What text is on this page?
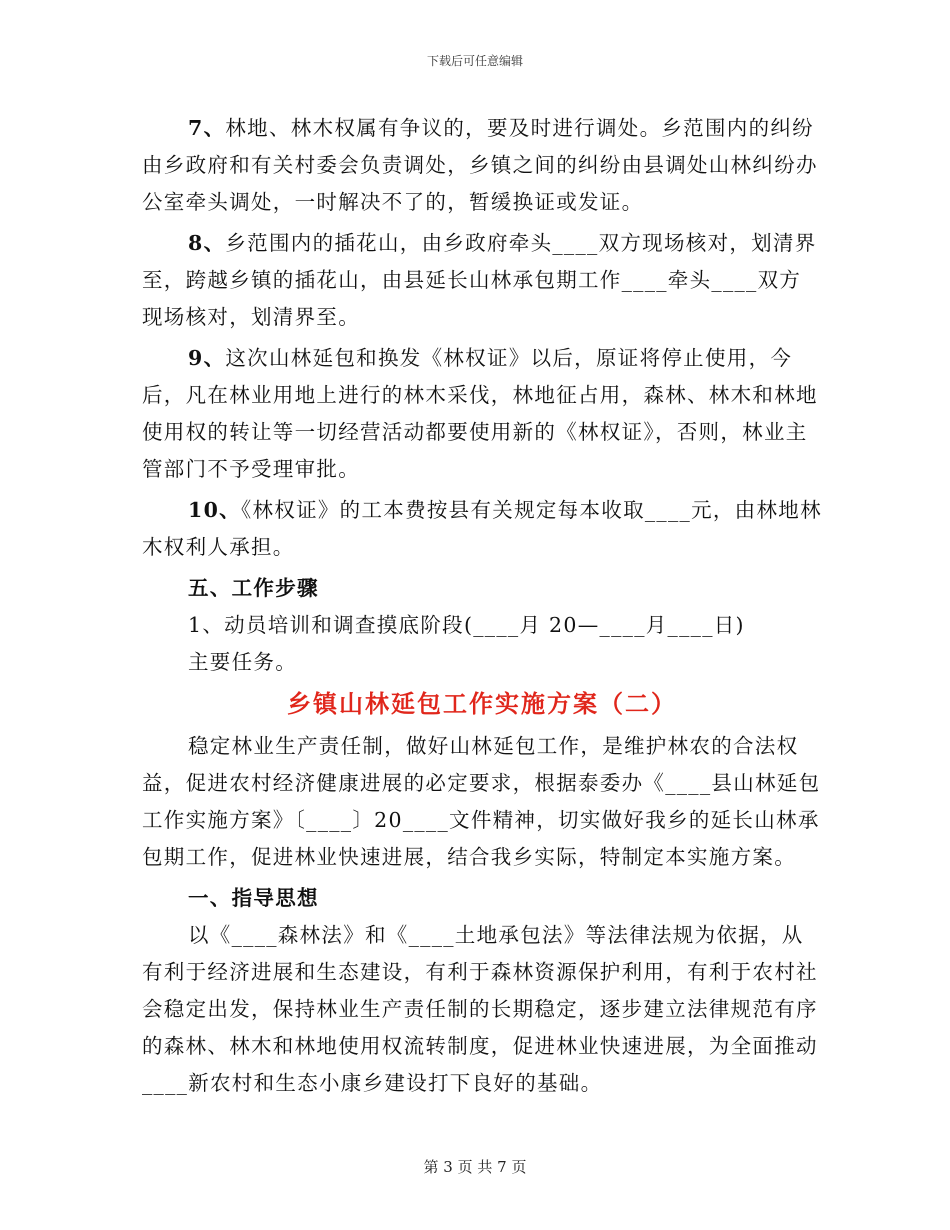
下载后可任意编辑

7、林地、林木权属有争议的，要及时进行调处。乡范围内的纠纷由乡政府和有关村委会负责调处，乡镇之间的纠纷由县调处山林纠纷办公室牵头调处，一时解决不了的，暂缓换证或发证。

8、乡范围内的插花山，由乡政府牵头____双方现场核对，划清界至，跨越乡镇的插花山，由县延长山林承包期工作____牵头____双方现场核对，划清界至。

9、这次山林延包和换发《林权证》以后，原证将停止使用，今后，凡在林业用地上进行的林木采伐，林地征占用，森林、林木和林地使用权的转让等一切经营活动都要使用新的《林权证》，否则，林业主管部门不予受理审批。

10、《林权证》的工本费按县有关规定每本收取____元，由林地林木权利人承担。

五、工作步骤

1、动员培训和调查摸底阶段(____月 20—____月____日)

主要任务。

乡镇山林延包工作实施方案（二）

稳定林业生产责任制，做好山林延包工作，是维护林农的合法权益，促进农村经济健康进展的必定要求，根据泰委办《____县山林延包工作实施方案》〔____〕20____文件精神，切实做好我乡的延长山林承包期工作，促进林业快速进展，结合我乡实际，特制定本实施方案。

一、指导思想

以《____森林法》和《____土地承包法》等法律法规为依据，从有利于经济进展和生态建设，有利于森林资源保护利用，有利于农村社会稳定出发，保持林业生产责任制的长期稳定，逐步建立法律规范有序的森林、林木和林地使用权流转制度，促进林业快速进展，为全面推动____新农村和生态小康乡建设打下良好的基础。

第 3 页 共 7 页
